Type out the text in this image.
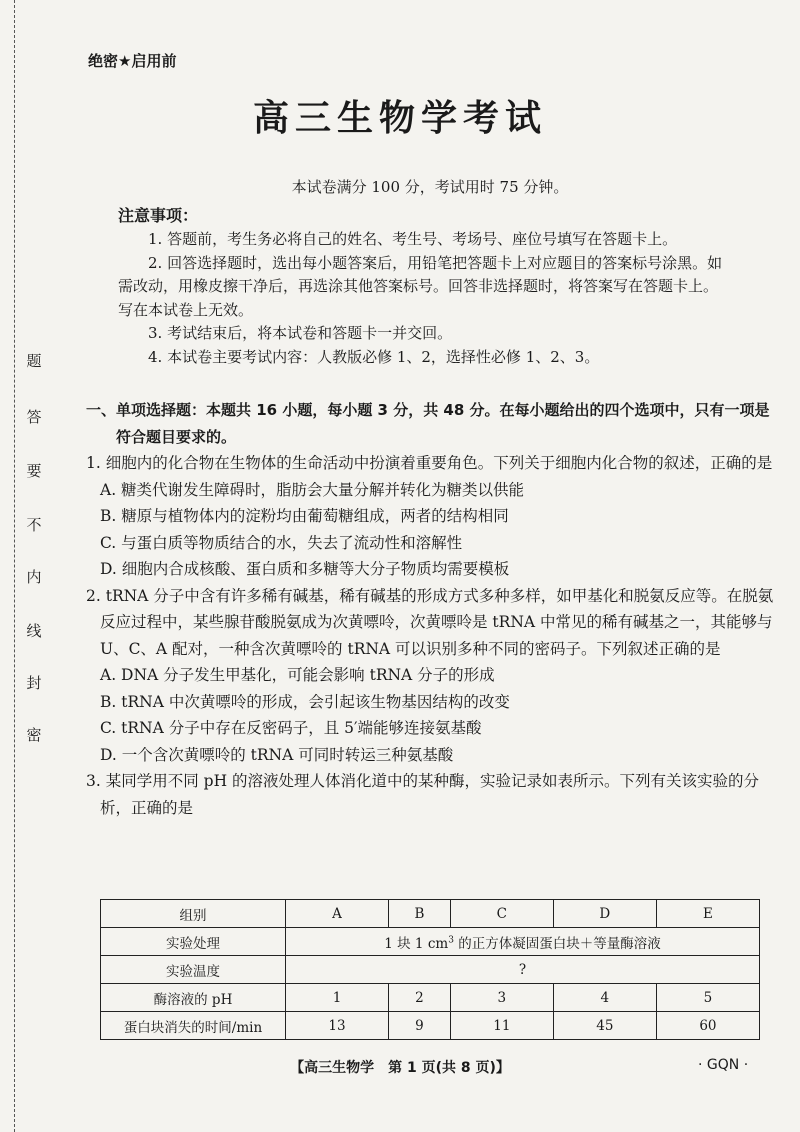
题
答
要
不
内
线
封
密
绝密★启用前
高三生物学考试
本试卷满分 100 分，考试用时 75 分钟。
注意事项：

1. 答题前，考生务必将自己的姓名、考生号、考场号、座位号填写在答题卡上。

2. 回答选择题时，选出每小题答案后，用铅笔把答题卡上对应题目的答案标号涂黑。如需改动，用橡皮擦干净后，再选涂其他答案标号。回答非选择题时，将答案写在答题卡上。写在本试卷上无效。

3. 考试结束后，将本试卷和答题卡一并交回。

4. 本试卷主要考试内容：人教版必修 1、2，选择性必修 1、2、3。

一、单项选择题：本题共 16 小题，每小题 3 分，共 48 分。在每小题给出的四个选项中，只有一项是符合题目要求的。
1. 细胞内的化合物在生物体的生命活动中扮演着重要角色。下列关于细胞内化合物的叙述，正确的是
A. 糖类代谢发生障碍时，脂肪会大量分解并转化为糖类以供能
B. 糖原与植物体内的淀粉均由葡萄糖组成，两者的结构相同
C. 与蛋白质等物质结合的水，失去了流动性和溶解性
D. 细胞内合成核酸、蛋白质和多糖等大分子物质均需要模板
2. tRNA 分子中含有许多稀有碱基，稀有碱基的形成方式多种多样，如甲基化和脱氨反应等。在脱氨反应过程中，某些腺苷酸脱氨成为次黄嘌呤，次黄嘌呤是 tRNA 中常见的稀有碱基之一，其能够与 U、C、A 配对，一种含次黄嘌呤的 tRNA 可以识别多种不同的密码子。下列叙述正确的是
A. DNA 分子发生甲基化，可能会影响 tRNA 分子的形成
B. tRNA 中次黄嘌呤的形成，会引起该生物基因结构的改变
C. tRNA 分子中存在反密码子，且 5′端能够连接氨基酸
D. 一个含次黄嘌呤的 tRNA 可同时转运三种氨基酸
3. 某同学用不同 pH 的溶液处理人体消化道中的某种酶，实验记录如表所示。下列有关该实验的分析，正确的是
组别	A	B	C	D	E
实验处理	1 块 1 $cm^3$ 的正方体凝固蛋白块＋等量酶溶液				
实验温度	?				
酶溶液的 pH	1	2	3	4	5
蛋白块消失的时间/min	13	9	11	45	60
【高三生物学　第 1 页(共 8 页)】	· GQN ·
